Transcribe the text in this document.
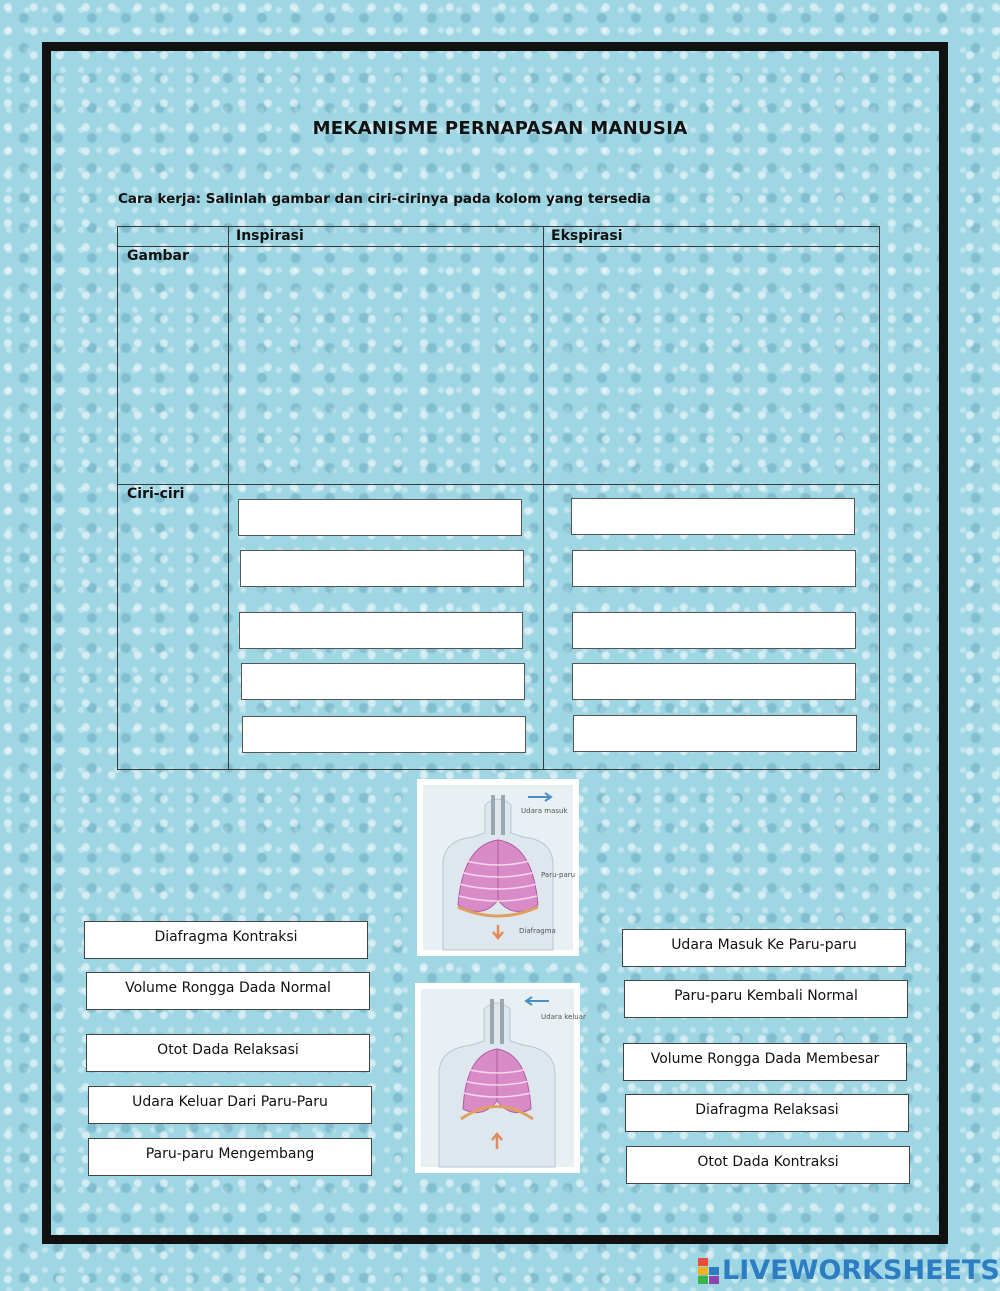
MEKANISME PERNAPASAN MANUSIA
Cara kerja: Salinlah gambar dan ciri-cirinya pada kolom yang tersedia
Inspirasi	Ekspirasi
Gambar
Ciri-ciri
Diafragma Kontraksi
Volume Rongga Dada Normal
Otot Dada Relaksasi
Udara Keluar Dari Paru-Paru
Paru-paru Mengembang
Udara Masuk Ke Paru-paru
Paru-paru Kembali Normal
Volume Rongga Dada Membesar
Diafragma Relaksasi
Otot Dada Kontraksi
Udara masuk
Paru-paru
Diafragma
Udara keluar
LIVEWORKSHEETS
